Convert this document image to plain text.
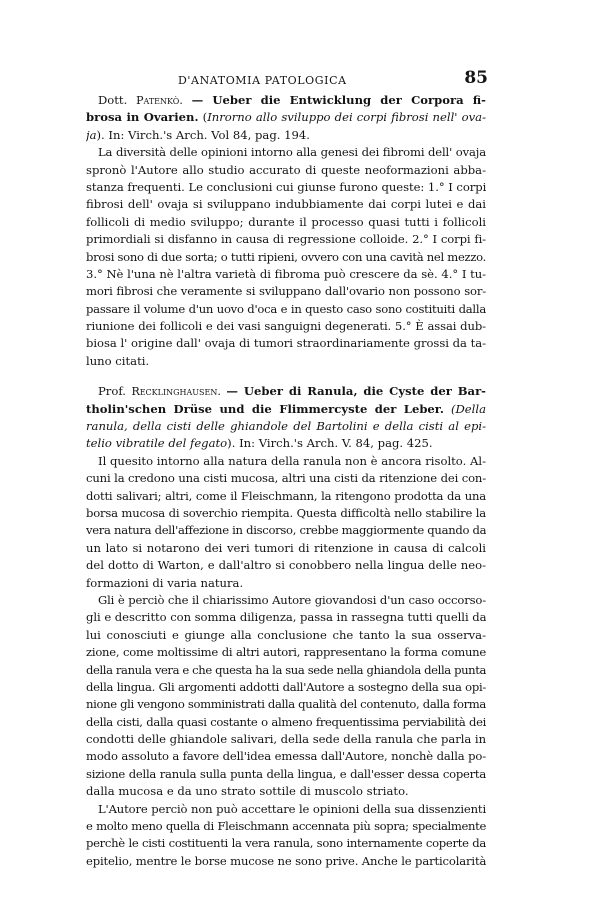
D'ANATOMIA PATOLOGICA	85
Dott. Patenkò. — Ueber die Entwicklung der Corpora fi-
brosa in Ovarien. (Inrorno allo sviluppo dei corpi fibrosi nell' ova-
ja). In: Virch.'s Arch. Vol 84, pag. 194.
La diversità delle opinioni intorno alla genesi dei fibromi dell' ovaja
spronò l'Autore allo studio accurato di queste neoformazioni abba-
stanza frequenti. Le conclusioni cui giunse furono queste: 1.° I corpi
fibrosi dell' ovaja si sviluppano indubbiamente dai corpi lutei e dai
follicoli di medio sviluppo; durante il processo quasi tutti i follicoli
primordiali si disfanno in causa di regressione colloide. 2.° I corpi fi-
brosi sono di due sorta; o tutti ripieni, ovvero con una cavità nel mezzo.
3.° Nè l'una nè l'altra varietà di fibroma può crescere da sè. 4.° I tu-
mori fibrosi che veramente si sviluppano dall'ovario non possono sor-
passare il volume d'un uovo d'oca e in questo caso sono costituiti dalla
riunione dei follicoli e dei vasi sanguigni degenerati. 5.° È assai dub-
biosa l' origine dall' ovaja di tumori straordinariamente grossi da ta-
luno citati.
Prof. Recklinghausen. — Ueber di Ranula, die Cyste der Bar-
tholin'schen Drüse und die Flimmercyste der Leber. (Della
ranula, della cisti delle ghiandole del Bartolini e della cisti al epi-
telio vibratile del fegato). In: Virch.'s Arch. V. 84, pag. 425.
Il quesito intorno alla natura della ranula non è ancora risolto. Al-
cuni la credono una cisti mucosa, altri una cisti da ritenzione dei con-
dotti salivari; altri, come il Fleischmann, la ritengono prodotta da una
borsa mucosa di soverchio riempita. Questa difficoltà nello stabilire la
vera natura dell'affezione in discorso, crebbe maggiormente quando da
un lato si notarono dei veri tumori di ritenzione in causa di calcoli
del dotto di Warton, e dall'altro si conobbero nella lingua delle neo-
formazioni di varia natura.
Gli è perciò che il chiarissimo Autore giovandosi d'un caso occorso-
gli e descritto con somma diligenza, passa in rassegna tutti quelli da
lui conosciuti e giunge alla conclusione che tanto la sua osserva-
zione, come moltissime di altri autori, rappresentano la forma comune
della ranula vera e che questa ha la sua sede nella ghiandola della punta
della lingua. Gli argomenti addotti dall'Autore a sostegno della sua opi-
nione gli vengono somministrati dalla qualità del contenuto, dalla forma
della cisti, dalla quasi costante o almeno frequentissima perviabilità dei
condotti delle ghiandole salivari, della sede della ranula che parla in
modo assoluto a favore dell'idea emessa dall'Autore, nonchè dalla po-
sizione della ranula sulla punta della lingua, e dall'esser dessa coperta
dalla mucosa e da uno strato sottile di muscolo striato.
L'Autore perciò non può accettare le opinioni della sua dissenzienti
e molto meno quella di Fleischmann accennata più sopra; specialmente
perchè le cisti costituenti la vera ranula, sono internamente coperte da
epitelio, mentre le borse mucose ne sono prive. Anche le particolarità
